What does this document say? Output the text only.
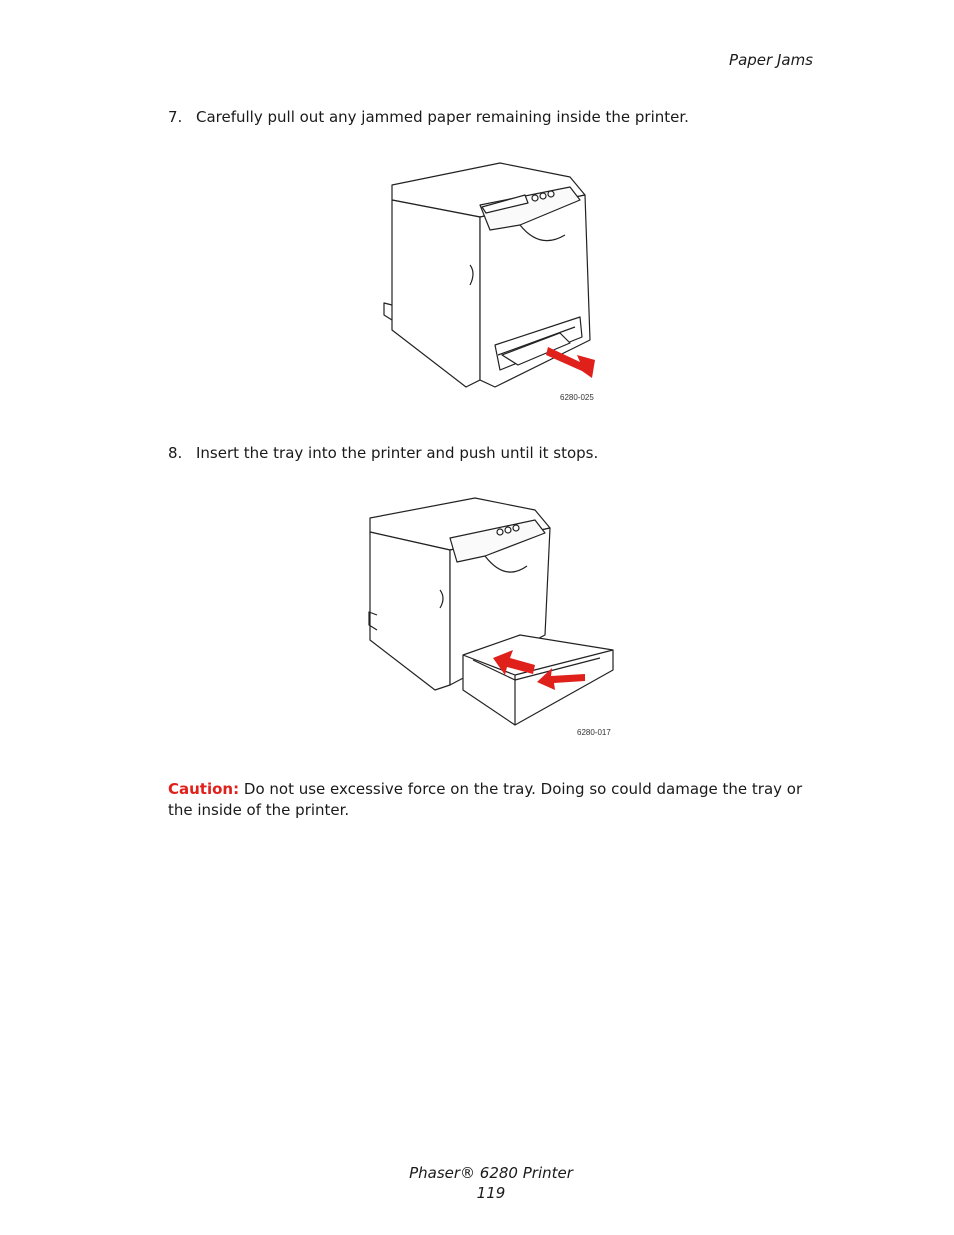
Paper Jams
7. Carefully pull out any jammed paper remaining inside the printer.
6280-025
8. Insert the tray into the printer and push until it stops.
6280-017
Caution: Do not use excessive force on the tray. Doing so could damage the tray or the inside of the printer.
Phaser® 6280 Printer
119
